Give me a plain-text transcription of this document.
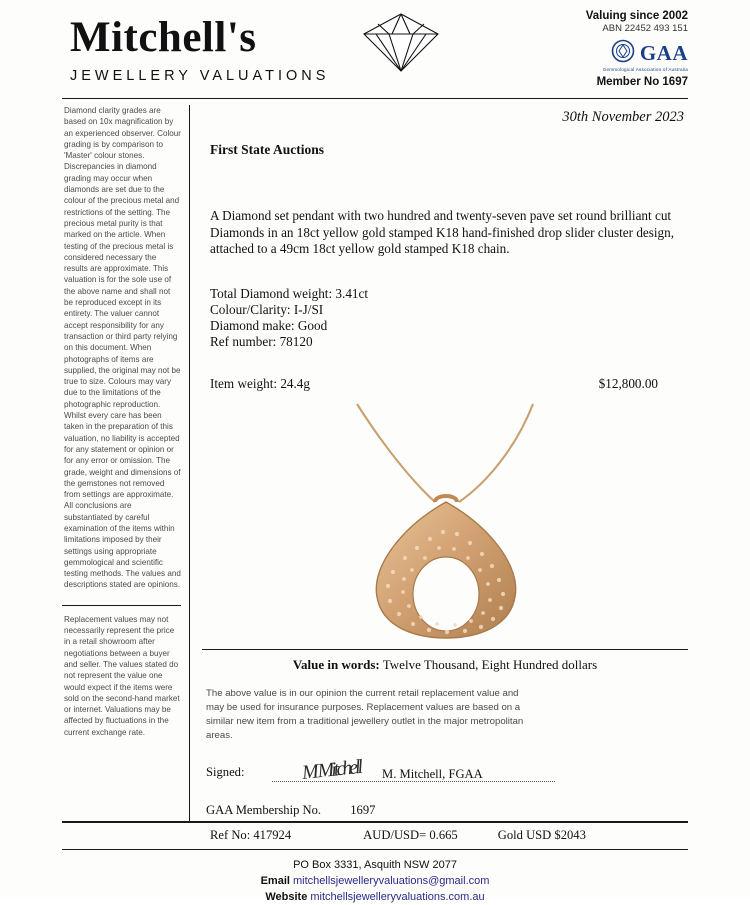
Mitchell's
JEWELLERY VALUATIONS
Valuing since 2002
ABN 22452 493 151
GAA
Gemmological Association of Australia
Member No 1697
Diamond clarity grades are based on 10x magnification by an experienced observer. Colour grading is by comparison to 'Master' colour stones. Discrepancies in diamond grading may occur when diamonds are set due to the colour of the precious metal and restrictions of the setting. The precious metal purity is that marked on the article. When testing of the precious metal is considered necessary the results are approximate. This valuation is for the sole use of the above name and shall not be reproduced except in its entirety. The valuer cannot accept responsibility for any transaction or third party relying on this document. When photographs of items are supplied, the original may not be true to size. Colours may vary due to the limitations of the photographic reproduction. Whilst every care has been taken in the preparation of this valuation, no liability is accepted for any statement or opinion or for any error or omission. The grade, weight and dimensions of the gemstones not removed from settings are approximate. All conclusions are substantiated by careful examination of the items within limitations imposed by their settings using appropriate gemmological and scientific testing methods. The values and descriptions stated are opinions.
Replacement values may not necessarily represent the price in a retail showroom after negotiations between a buyer and seller. The values stated do not represent the value one would expect if the items were sold on the second-hand market or internet. Valuations may be affected by fluctuations in the current exchange rate.
30th November 2023
First State Auctions
A Diamond set pendant with two hundred and twenty-seven pave set round brilliant cut Diamonds in an 18ct yellow gold stamped K18 hand-finished drop slider cluster design, attached to a 49cm 18ct yellow gold stamped K18 chain.
Total Diamond weight: 3.41ct
Colour/Clarity: I-J/SI
Diamond make: Good
Ref number: 78120
Item weight: 24.4g	$12,800.00
Value in words: Twelve Thousand, Eight Hundred dollars
The above value is in our opinion the current retail replacement value and may be used for insurance purposes. Replacement values are based on a similar new item from a traditional jewellery outlet in the major metropolitan areas.
Signed:	M Mitchell M. Mitchell, FGAA
GAA Membership No. 1697
Ref No: 417924	AUD/USD= 0.665	Gold USD $2043
PO Box 3331, Asquith NSW 2077
Email mitchellsjewelleryvaluations@gmail.com
Website mitchellsjewelleryvaluations.com.au
